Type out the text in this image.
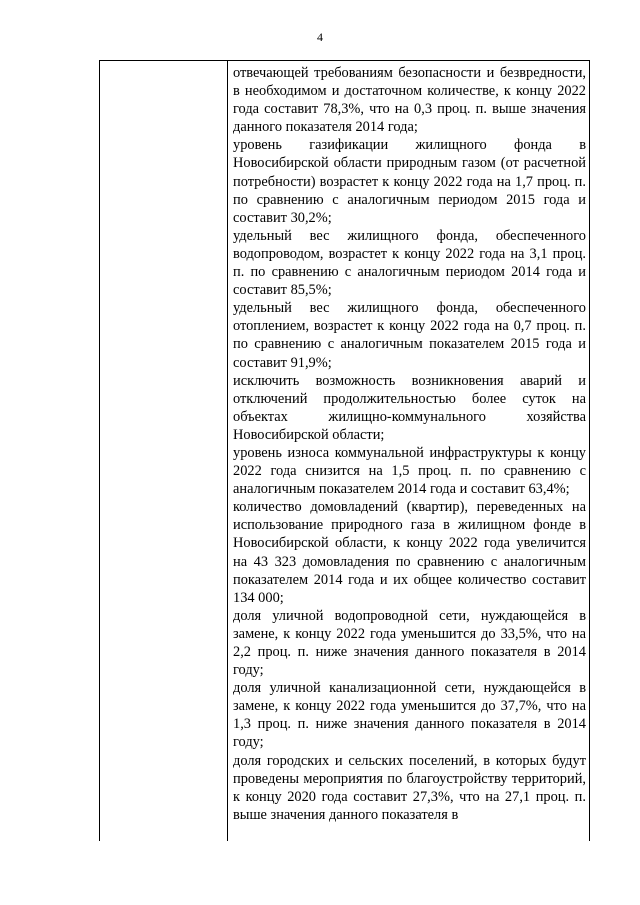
4

отвечающей требованиям безопасности и безвредности, в необходимом и достаточном количестве, к концу 2022 года составит 78,3%, что на 0,3 проц. п. выше значения данного показателя 2014 года;

уровень газификации жилищного фонда в Новосибирской области природным газом (от расчетной потребности) возрастет к концу 2022 года на 1,7 проц. п. по сравнению с аналогичным периодом 2015 года и составит 30,2%;

удельный вес жилищного фонда, обеспеченного водопроводом, возрастет к концу 2022 года на 3,1 проц. п. по сравнению с аналогичным периодом 2014 года и составит 85,5%;

удельный вес жилищного фонда, обеспеченного отоплением, возрастет к концу 2022 года на 0,7 проц. п. по сравнению с аналогичным показателем 2015 года и составит 91,9%;

исключить возможность возникновения аварий и отключений продолжительностью более суток на объектах жилищно-коммунального хозяйства Новосибирской области;

уровень износа коммунальной инфраструктуры к концу 2022 года снизится на 1,5 проц. п. по сравнению с аналогичным показателем 2014 года и составит 63,4%;

количество домовладений (квартир), переведенных на использование природного газа в жилищном фонде в Новосибирской области, к концу 2022 года увеличится на 43 323 домовладения по сравнению с аналогичным показателем 2014 года и их общее количество составит 134 000;

доля уличной водопроводной сети, нуждающейся в замене, к концу 2022 года уменьшится до 33,5%, что на 2,2 проц. п. ниже значения данного показателя в 2014 году;

доля уличной канализационной сети, нуждающейся в замене, к концу 2022 года уменьшится до 37,7%, что на 1,3 проц. п. ниже значения данного показателя в 2014 году;

доля городских и сельских поселений, в которых будут проведены мероприятия по благоустройству территорий, к концу 2020 года составит 27,3%, что на 27,1 проц. п. выше значения данного показателя в
